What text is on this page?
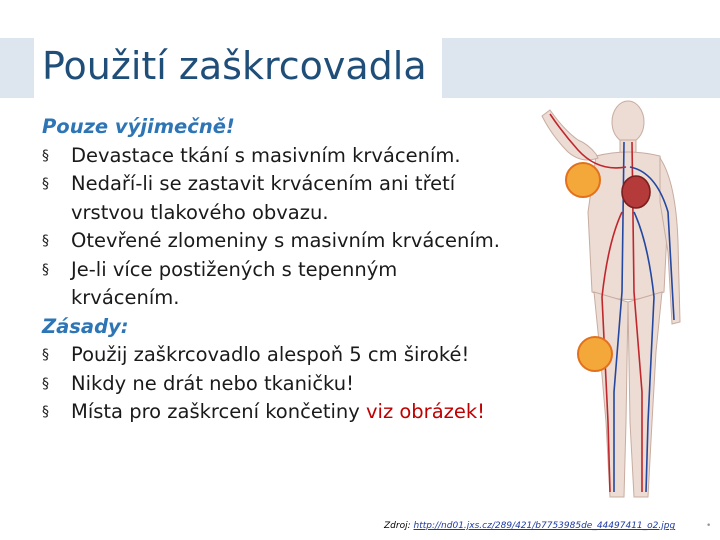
Použití zaškrcovadla
Pouze výjimečně!
§ Devastace tkání s masivním krvácením.
§ Nedaří-li se zastavit krvácením ani třetí vrstvou tlakového obvazu.
§ Otevřené zlomeniny s masivním krvácením.
§ Je-li více postižených s tepenným krvácením.
Zásady:
§ Použij zaškrcovadlo alespoň 5 cm široké!
§ Nikdy ne drát nebo tkaničku!
§ Místa pro zaškrcení končetiny viz obrázek!
Zdroj: http://nd01.jxs.cz/289/421/b7753985de_44497411_o2.jpg	•
